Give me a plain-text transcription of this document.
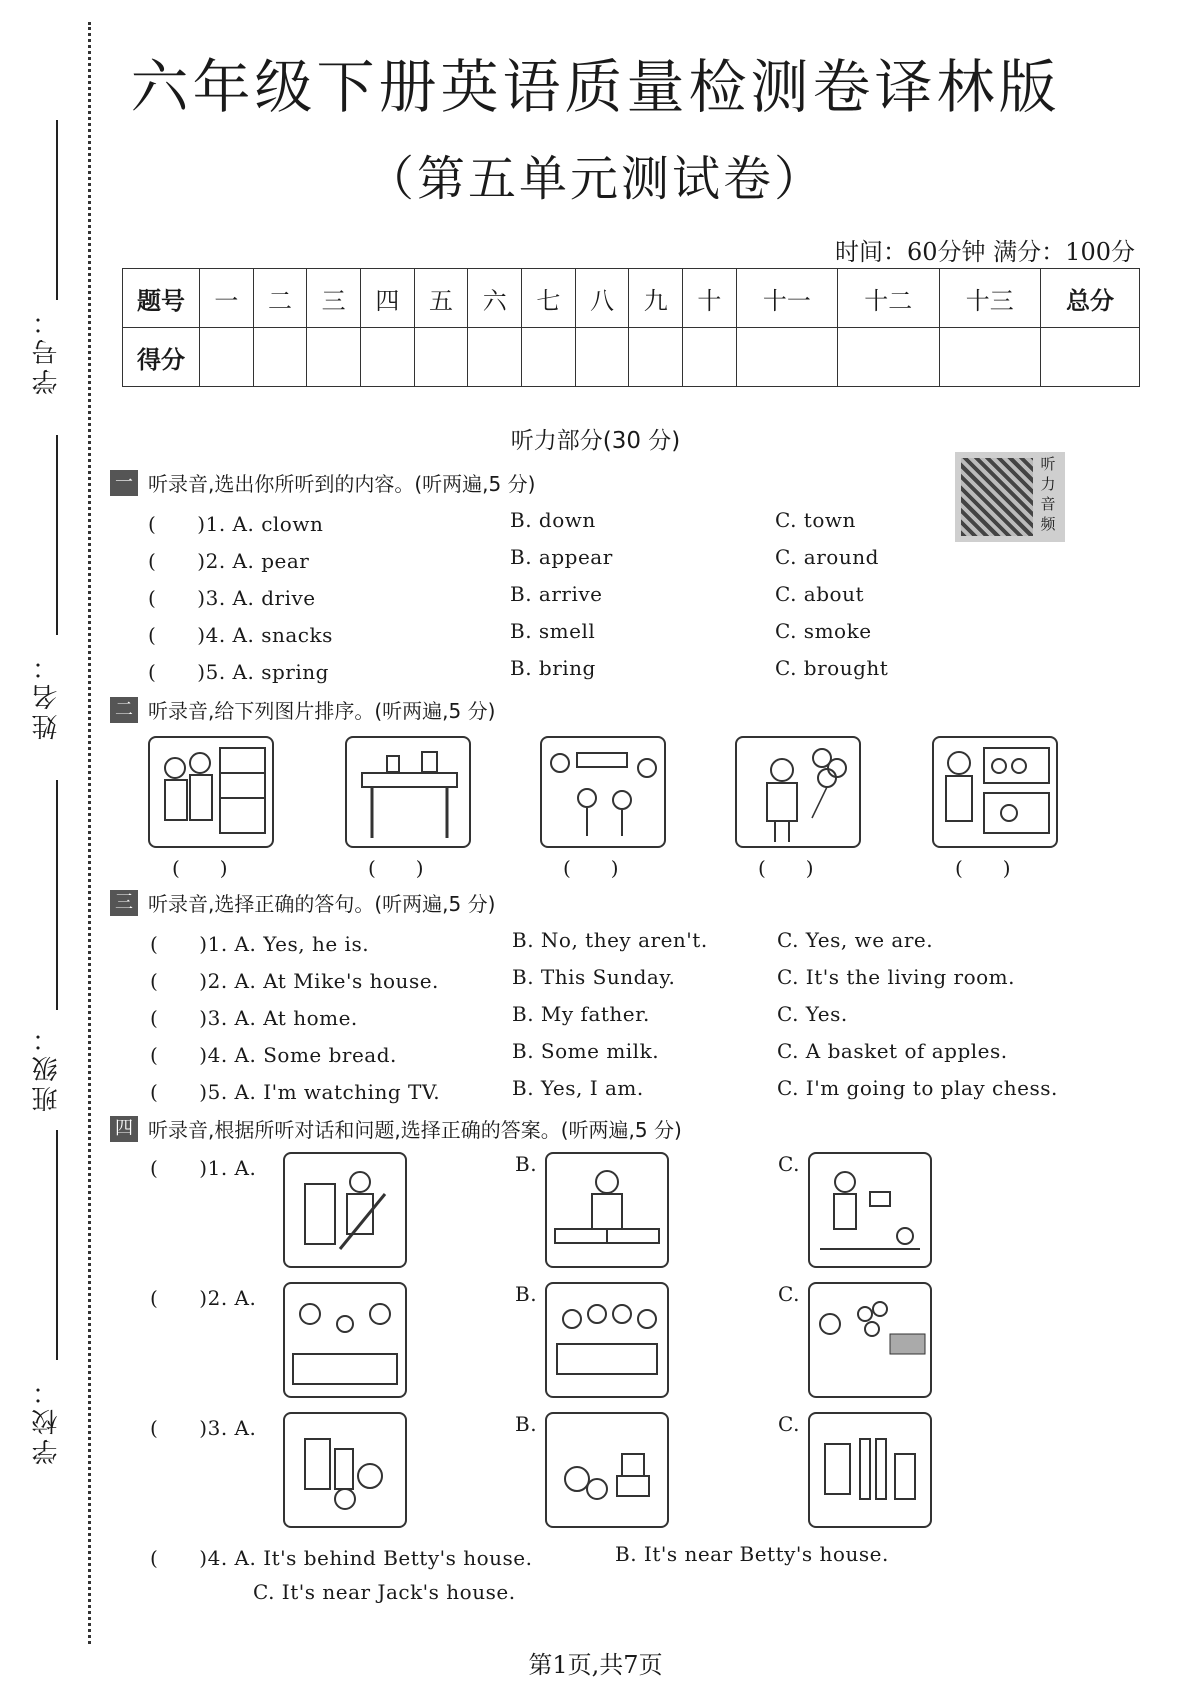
学号：
姓名：
班级：
学校：
六年级下册英语质量检测卷译林版
（第五单元测试卷）
时间：60分钟 满分：100分
题号	一	二	三	四	五	六	七	八	九	十	十一	十二	十三	总分
得分														
听力部分(30 分)
听力音频
一 听录音,选出你所听到的内容。(听两遍,5 分)
(　　)1. A. clown	B. down	C. town
(　　)2. A. pear	B. appear	C. around
(　　)3. A. drive	B. arrive	C. about
(　　)4. A. snacks	B. smell	C. smoke
(　　)5. A. spring	B. bring	C. brought
二 听录音,给下列图片排序。(听两遍,5 分)
(　　)	(　　)	(　　)	(　　)	(　　)
三 听录音,选择正确的答句。(听两遍,5 分)
(　　)1. A. Yes, he is.	B. No, they aren't.	C. Yes, we are.
(　　)2. A. At Mike's house.	B. This Sunday.	C. It's the living room.
(　　)3. A. At home.	B. My father.	C. Yes.
(　　)4. A. Some bread.	B. Some milk.	C. A basket of apples.
(　　)5. A. I'm watching TV.	B. Yes, I am.	C. I'm going to play chess.
四 听录音,根据所听对话和问题,选择正确的答案。(听两遍,5 分)
(　　)1. A.	B.	C.
(　　)2. A.	B.	C.
(　　)3. A.	B.	C.
(　　)4. A. It's behind Betty's house.	B. It's near Betty's house.
C. It's near Jack's house.
第1页,共7页
